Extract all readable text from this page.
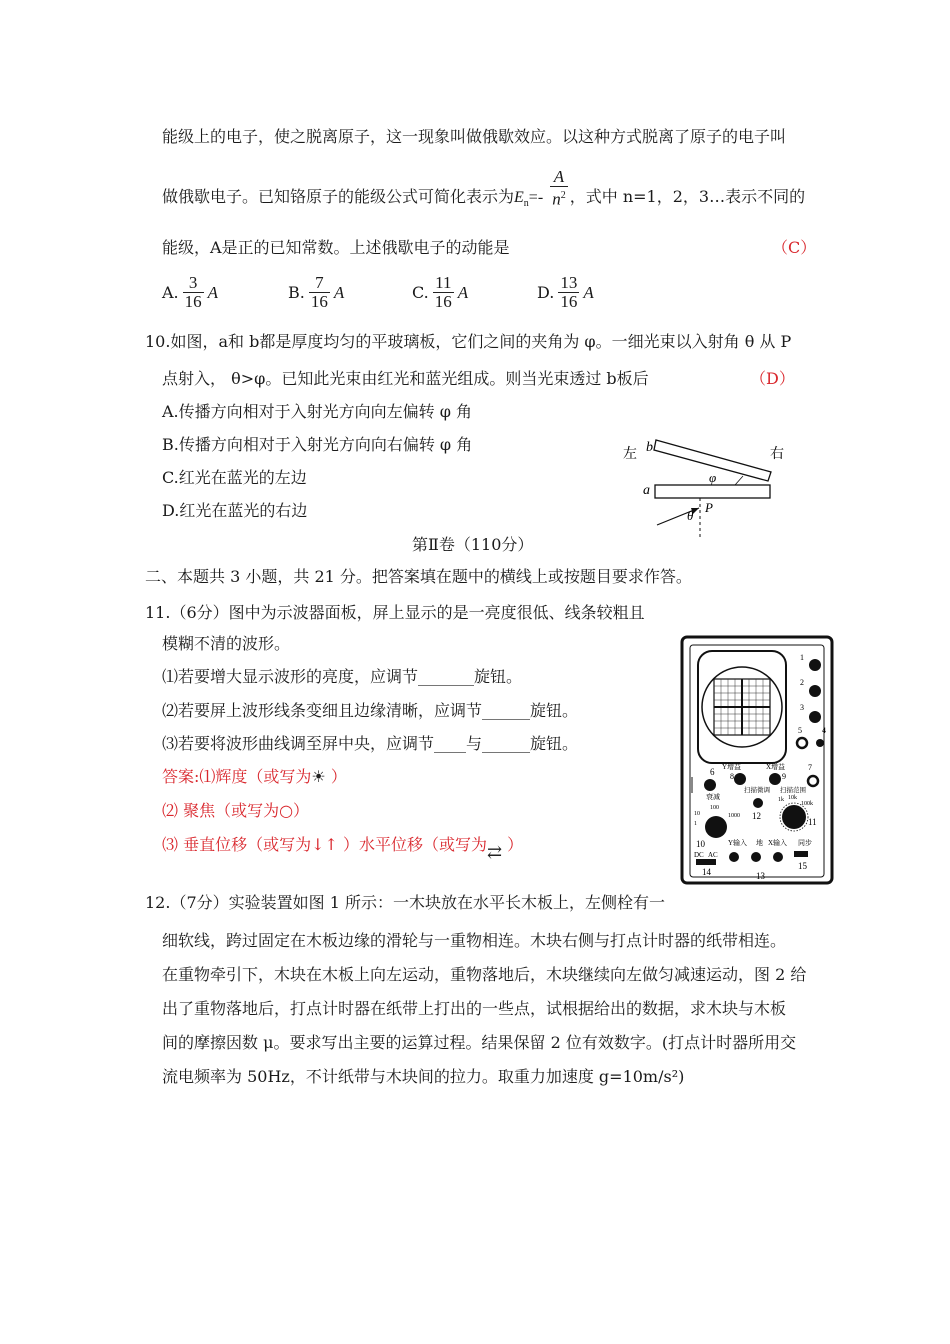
能级上的电子，使之脱离原子，这一现象叫做俄歇效应。以这种方式脱离了原子的电子叫
做俄歇电子。已知铬原子的能级公式可简化表示为$E_n=- \frac{A}{n^2}$ ，式中 n=1，2，3…表示不同的
能级，A是正的已知常数。上述俄歇电子的动能是	（C）
A. $\frac{3}{16}$ A	B. $\frac{7}{16}$ A	C. $\frac{11}{16}$ A	D. $\frac{13}{16}$ A
10.如图，a和 b都是厚度均匀的平玻璃板，它们之间的夹角为 φ。一细光束以入射角 θ 从 P
点射入， θ>φ。已知此光束由红光和蓝光组成。则当光束透过 b板后	（D）
A.传播方向相对于入射光方向向左偏转 φ 角
B.传播方向相对于入射光方向向右偏转 φ 角
C.红光在蓝光的左边
D.红光在蓝光的右边
左	右
b
a
φ
θ
P
第Ⅱ卷（110分）
二、本题共 3 小题，共 21 分。把答案填在题中的横线上或按题目要求作答。
11.（6分）图中为示波器面板，屏上显示的是一亮度很低、线条较粗且
模糊不清的波形。
⑴若要增大显示波形的亮度，应调节_______旋钮。
⑵若要屏上波形线条变细且边缘清晰，应调节______旋钮。
⑶若要将波形曲线调至屏中央，应调节____与______旋钮。
答案:⑴辉度（或写为☀ ）
⑵ 聚焦（或写为○）
⑶ 垂直位移（或写为↓↑ ）水平位移（或写为⇄ ）
1
2
3
5	4
6 Y增益
8
X增益
9
7
衰减
扫描微调 扫描范围
100
1000
10
1
10
12
1k 10k
100k
11
Y输入 地 X输入 同步
DC AC
14
15
13
12.（7分）实验装置如图 1 所示：一木块放在水平长木板上，左侧栓有一
细软线，跨过固定在木板边缘的滑轮与一重物相连。木块右侧与打点计时器的纸带相连。
在重物牵引下，木块在木板上向左运动，重物落地后，木块继续向左做匀减速运动，图 2 给
出了重物落地后，打点计时器在纸带上打出的一些点，试根据给出的数据，求木块与木板
间的摩擦因数 μ。要求写出主要的运算过程。结果保留 2 位有效数字。(打点计时器所用交
流电频率为 50Hz，不计纸带与木块间的拉力。取重力加速度 g=10m/s²)
